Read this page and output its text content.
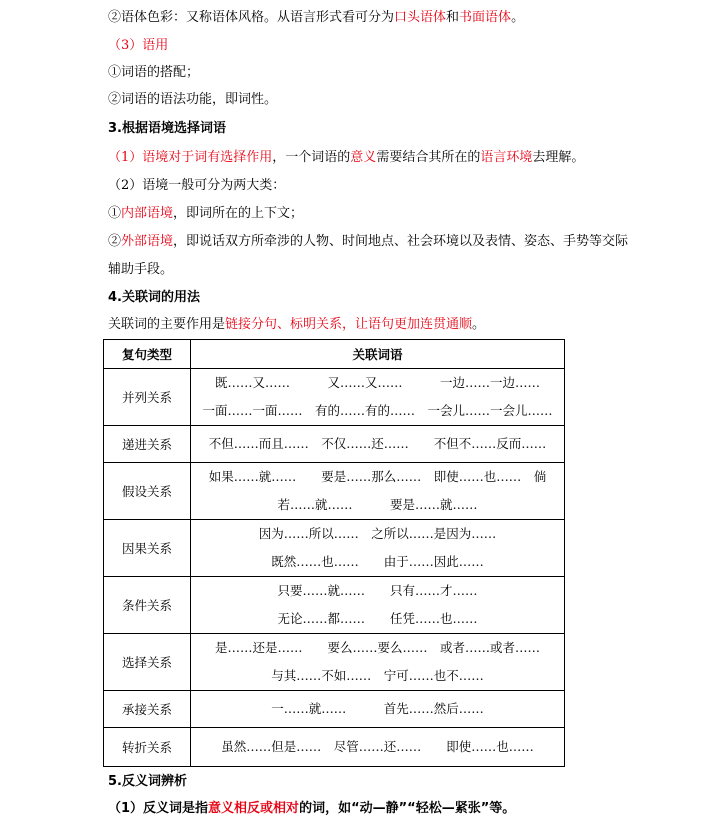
②语体色彩：又称语体风格。从语言形式看可分为口头语体和书面语体。
（3）语用
①词语的搭配；
②词语的语法功能，即词性。
3.根据语境选择词语
（1）语境对于词有选择作用，一个词语的意义需要结合其所在的语言环境去理解。
（2）语境一般可分为两大类：
①内部语境，即词所在的上下文；
②外部语境，即说话双方所牵涉的人物、时间地点、社会环境以及表情、姿态、手势等交际
辅助手段。
4.关联词的用法
关联词的主要作用是链接分句、标明关系，让语句更加连贯通顺。
复句类型	关联词语
并列关系	既……又……　　　又……又……　　　一边……一边……
一面……一面……　有的……有的……　一会儿……一会儿……

递进关系	不但……而且……　不仅……还……　　不但不……反而……

假设关系	如果……就……　　要是……那么……　即使……也……　倘
若……就……　　　要是……就……

因果关系	因为……所以……　之所以……是因为……
既然……也……　　由于……因此……

条件关系	只要……就……　　只有……才……
无论……都……　　任凭……也……

选择关系	是……还是……　　要么……要么……　或者……或者……
与其……不如……　宁可……也不……

承接关系	一……就……　　　首先……然后……

转折关系	虽然……但是……　尽管……还……　　即使……也……
5.反义词辨析
（1）反义词是指意义相反或相对的词，如“动—静”“轻松—紧张”等。
